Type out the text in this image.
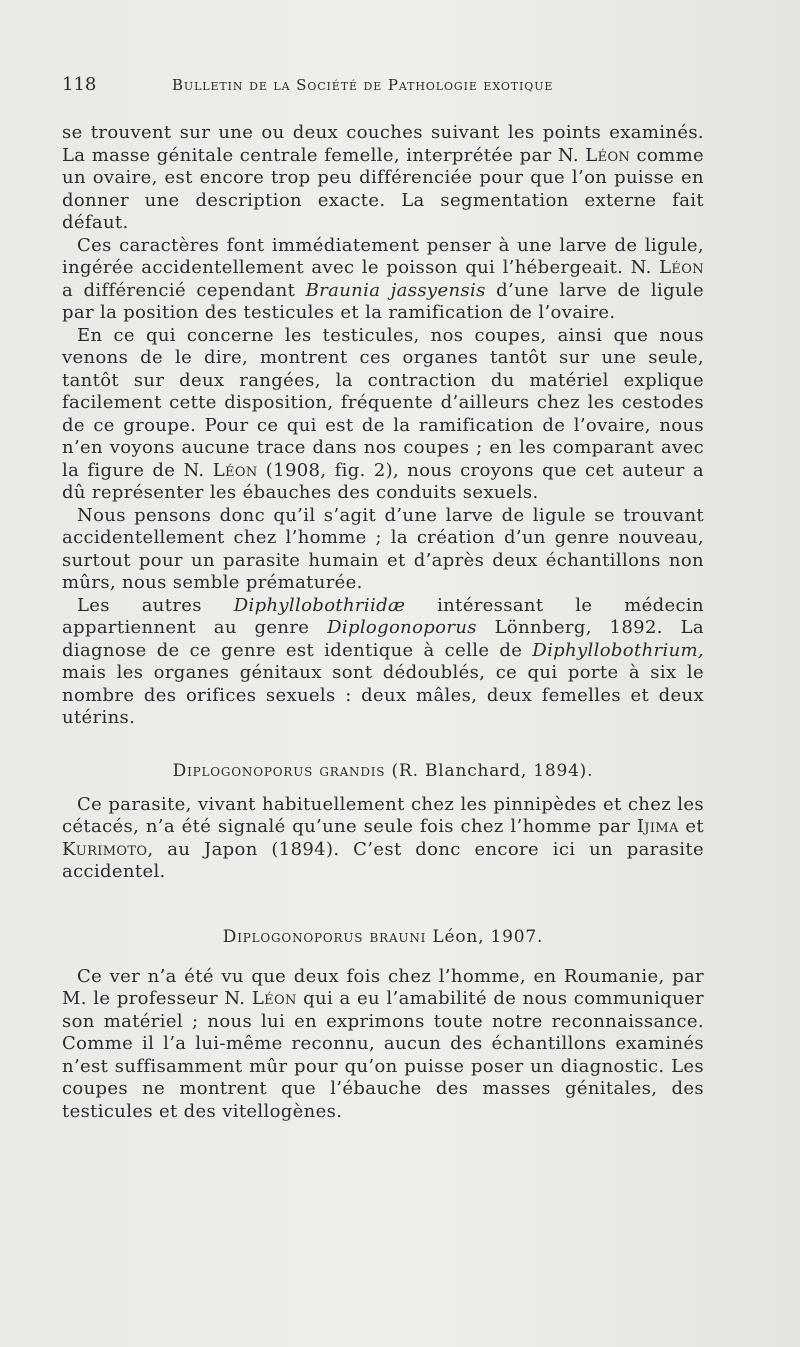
118	Bulletin de la Société de Pathologie exotique

se trouvent sur une ou deux couches suivant les points examinés. La masse génitale centrale femelle, interprétée par N. Léon comme un ovaire, est encore trop peu différenciée pour que l’on puisse en donner une description exacte. La segmentation externe fait défaut.

Ces caractères font immédiatement penser à une larve de ligule, ingérée accidentellement avec le poisson qui l’hébergeait. N. Léon a différencié cependant Braunia jassyensis d’une larve de ligule par la position des testicules et la ramification de l’ovaire.

En ce qui concerne les testicules, nos coupes, ainsi que nous venons de le dire, montrent ces organes tantôt sur une seule, tantôt sur deux rangées, la contraction du matériel explique facilement cette disposition, fréquente d’ailleurs chez les cestodes de ce groupe. Pour ce qui est de la ramification de l’ovaire, nous n’en voyons aucune trace dans nos coupes ; en les comparant avec la figure de N. Léon (1908, fig. 2), nous croyons que cet auteur a dû représenter les ébauches des conduits sexuels.

Nous pensons donc qu’il s’agit d’une larve de ligule se trouvant accidentellement chez l’homme ; la création d’un genre nouveau, surtout pour un parasite humain et d’après deux échantillons non mûrs, nous semble prématurée.

Les autres Diphyllobothriidæ intéressant le médecin appartiennent au genre Diplogonoporus Lönnberg, 1892. La diagnose de ce genre est identique à celle de Diphyllobothrium, mais les organes génitaux sont dédoublés, ce qui porte à six le nombre des orifices sexuels : deux mâles, deux femelles et deux utérins.

Diplogonoporus grandis (R. Blanchard, 1894).

Ce parasite, vivant habituellement chez les pinnipèdes et chez les cétacés, n’a été signalé qu’une seule fois chez l’homme par Ijima et Kurimoto, au Japon (1894). C’est donc encore ici un parasite accidentel.

Diplogonoporus brauni Léon, 1907.

Ce ver n’a été vu que deux fois chez l’homme, en Roumanie, par M. le professeur N. Léon qui a eu l’amabilité de nous communiquer son matériel ; nous lui en exprimons toute notre reconnaissance. Comme il l’a lui-même reconnu, aucun des échantillons examinés n’est suffisamment mûr pour qu’on puisse poser un diagnostic. Les coupes ne montrent que l’ébauche des masses génitales, des testicules et des vitellogènes.
